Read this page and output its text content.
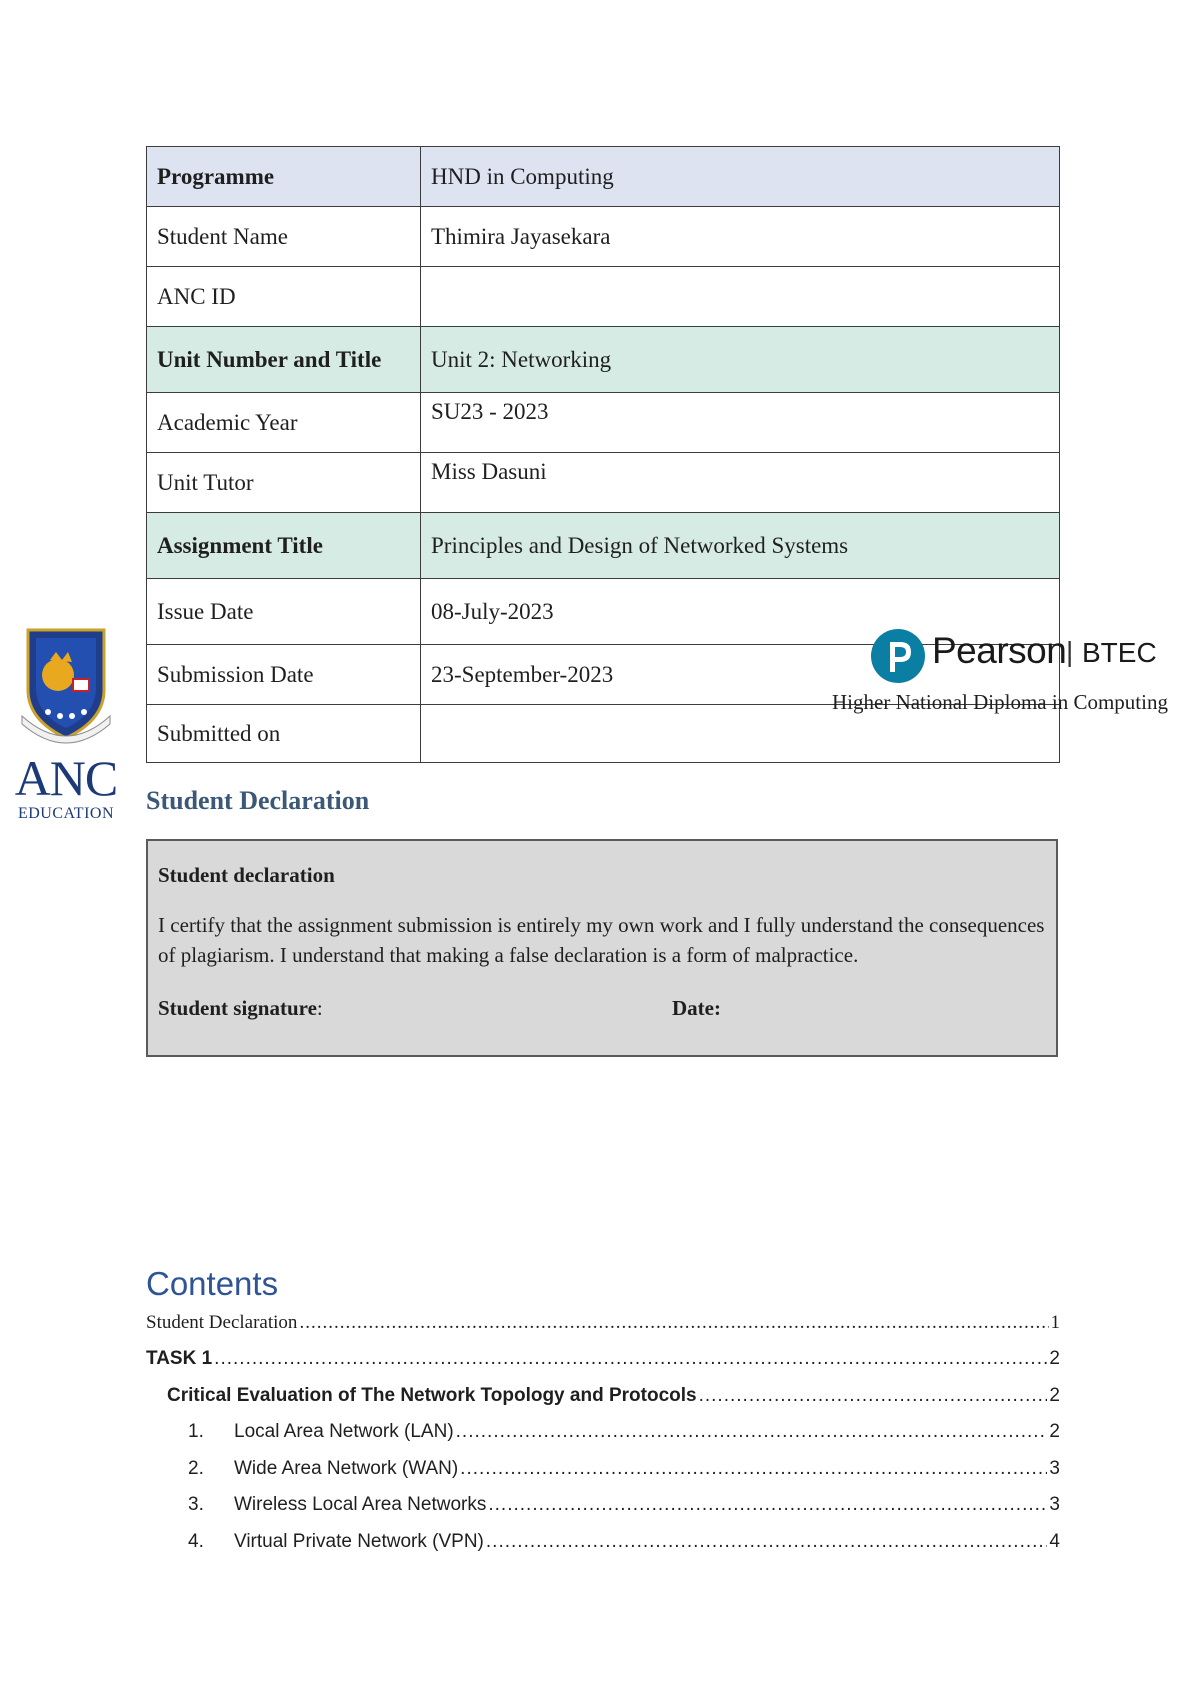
Programme	HND in Computing
Student Name	Thimira Jayasekara
ANC ID	
Unit Number and Title	Unit 2: Networking
Academic Year	SU23 - 2023
Unit Tutor	Miss Dasuni
Assignment Title	Principles and Design of Networked Systems
Issue Date	08-July-2023
Submission Date	23-September-2023
Submitted on	
ANC
EDUCATION
Pearson | BTEC
Higher National Diploma in Computing
Student Declaration
Student declaration
I certify that the assignment submission is entirely my own work and I fully understand the consequences of plagiarism. I understand that making a false declaration is a form of malpractice.
Student signature:	Date:
Contents
Student Declaration .....	1
TASK 1 .....	2
Critical Evaluation of The Network Topology and Protocols .....	2
1.	Local Area Network (LAN) .....	2
2.	Wide Area Network (WAN) .....	3
3.	Wireless Local Area Networks .....	3
4.	Virtual Private Network (VPN) .....	4
